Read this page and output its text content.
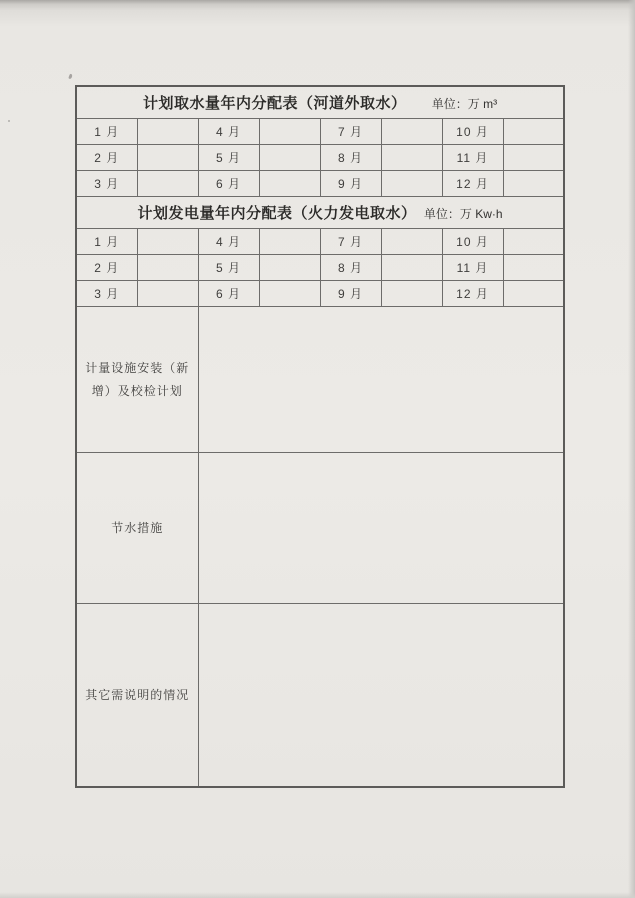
计划取水量年内分配表（河道外取水） 单位：万 m³							
1 月		4 月		7 月		10 月	
2 月		5 月		8 月		11 月	
3 月		6 月		9 月		12 月	
计划发电量年内分配表（火力发电取水） 单位：万 Kw·h							
1 月		4 月		7 月		10 月	
2 月		5 月		8 月		11 月	
3 月		6 月		9 月		12 月	
计量设施安装（新增）及校检计划							
节水措施							
其它需说明的情况							
